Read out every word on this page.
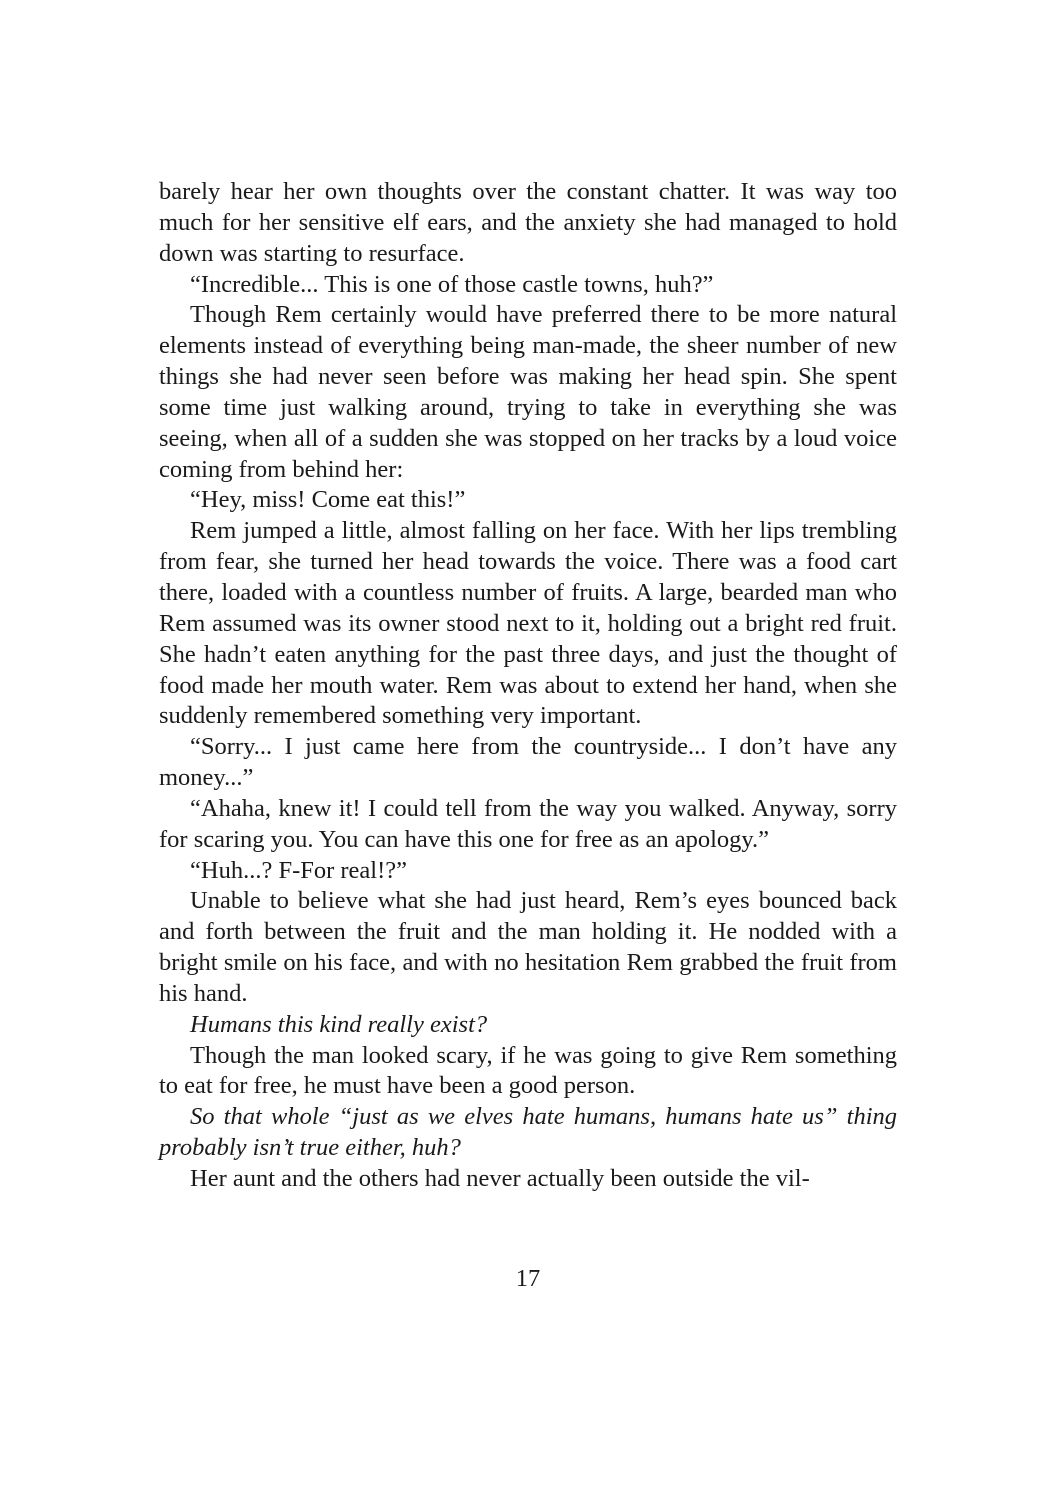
barely hear her own thoughts over the constant chatter. It was way too much for her sensitive elf ears, and the anxiety she had managed to hold down was starting to resurface.

“Incredible... This is one of those castle towns, huh?”

Though Rem certainly would have preferred there to be more natural elements instead of everything being man-made, the sheer number of new things she had never seen before was making her head spin. She spent some time just walking around, trying to take in everything she was seeing, when all of a sudden she was stopped on her tracks by a loud voice coming from behind her:

“Hey, miss! Come eat this!”

Rem jumped a little, almost falling on her face. With her lips trembling from fear, she turned her head towards the voice. There was a food cart there, loaded with a countless number of fruits. A large, bearded man who Rem assumed was its owner stood next to it, holding out a bright red fruit. She hadn’t eaten anything for the past three days, and just the thought of food made her mouth water. Rem was about to extend her hand, when she suddenly remembered something very important.

“Sorry... I just came here from the countryside... I don’t have any money...”

“Ahaha, knew it! I could tell from the way you walked. Anyway, sorry for scaring you. You can have this one for free as an apology.”

“Huh...? F-For real!?”

Unable to believe what she had just heard, Rem’s eyes bounced back and forth between the fruit and the man holding it. He nodded with a bright smile on his face, and with no hesitation Rem grabbed the fruit from his hand.

Humans this kind really exist?

Though the man looked scary, if he was going to give Rem something to eat for free, he must have been a good person.

So that whole “just as we elves hate humans, humans hate us” thing probably isn’t true either, huh?

Her aunt and the others had never actually been outside the vil-

17
